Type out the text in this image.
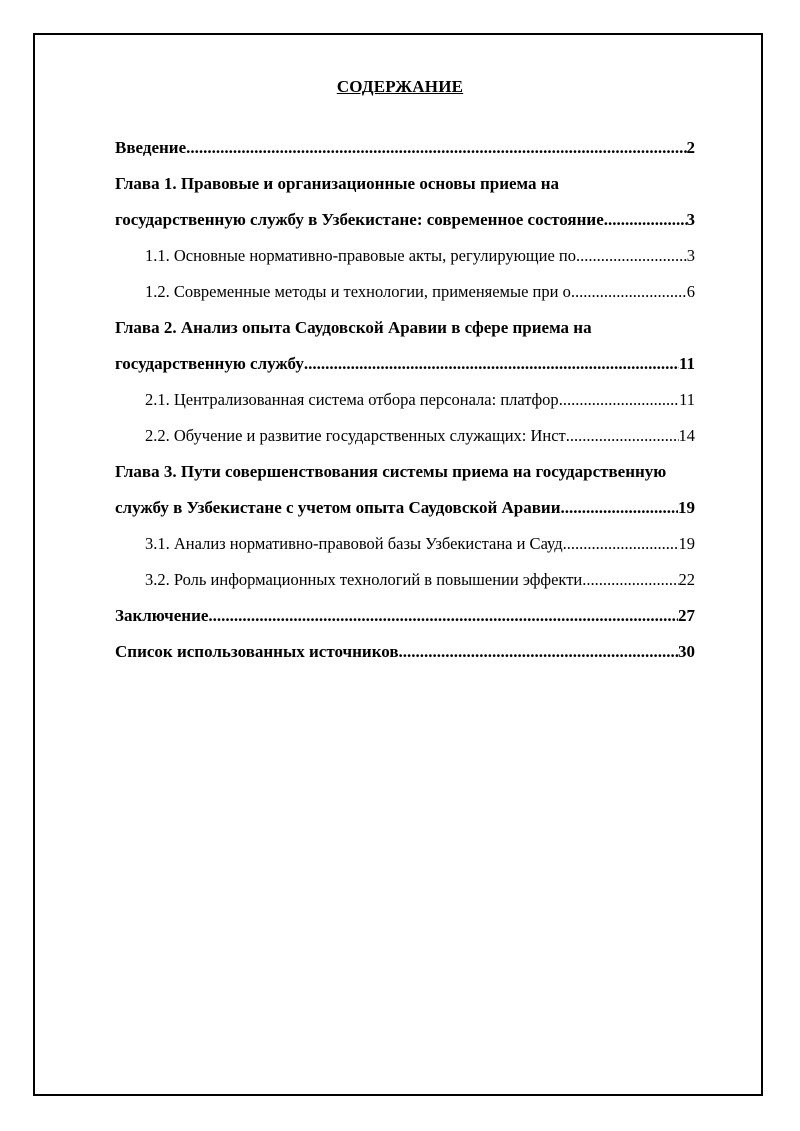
СОДЕРЖАНИЕ
Введение .....	2
Глава 1. Правовые и организационные основы приема на
государственную службу в Узбекистане: современное состояние .....	3
1.1. Основные нормативно-правовые акты, регулирующие по .....	3
1.2. Современные методы и технологии, применяемые при о .....	6
Глава 2. Анализ опыта Саудовской Аравии в сфере приема на
государственную службу .....	11
2.1. Централизованная система отбора персонала: платфор .....	11
2.2. Обучение и развитие государственных служащих: Инст .....	14
Глава 3. Пути совершенствования системы приема на государственную
службу в Узбекистане с учетом опыта Саудовской Аравии .....	19
3.1. Анализ нормативно-правовой базы Узбекистана и Сауд .....	19
3.2. Роль информационных технологий в повышении эффекти .....	22
Заключение .....	27
Список использованных источников .....	30
